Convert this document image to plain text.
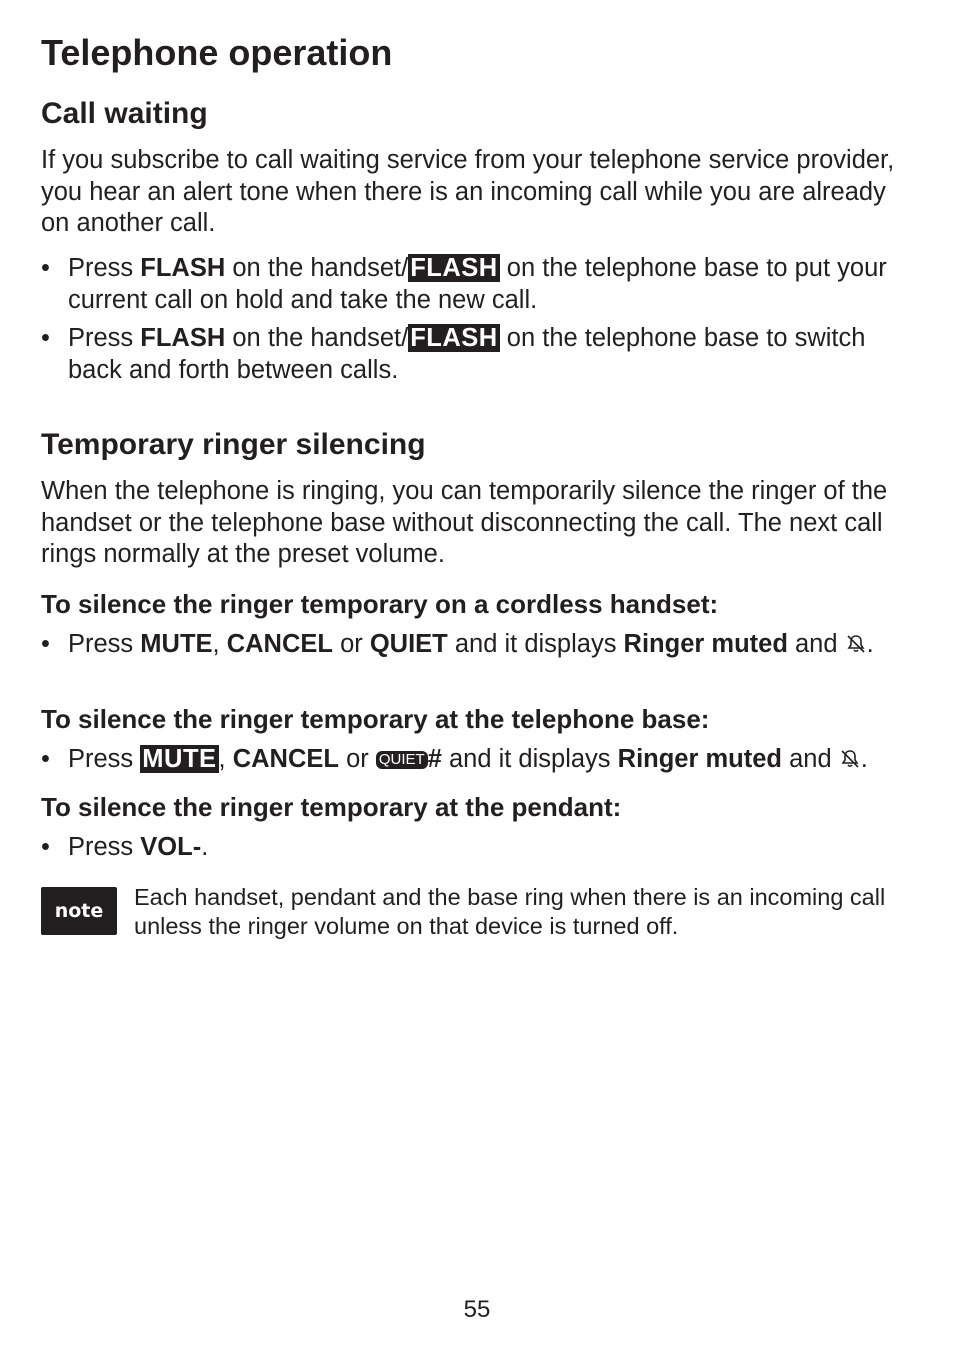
Telephone operation
Call waiting

If you subscribe to call waiting service from your telephone service provider, you hear an alert tone when there is an incoming call while you are already on another call.

• Press FLASH on the handset/FLASH on the telephone base to put your current call on hold and take the new call.
• Press FLASH on the handset/FLASH on the telephone base to switch back and forth between calls.
Temporary ringer silencing

When the telephone is ringing, you can temporarily silence the ringer of the handset or the telephone base without disconnecting the call. The next call rings normally at the preset volume.

To silence the ringer temporary on a cordless handset:
• Press MUTE, CANCEL or QUIET and it displays Ringer muted and .
To silence the ringer temporary at the telephone base:
• Press MUTE, CANCEL or QUIET # and it displays Ringer muted and .
To silence the ringer temporary at the pendant:
• Press VOL-.
note

Each handset, pendant and the base ring when there is an incoming call unless the ringer volume on that device is turned off.

55
